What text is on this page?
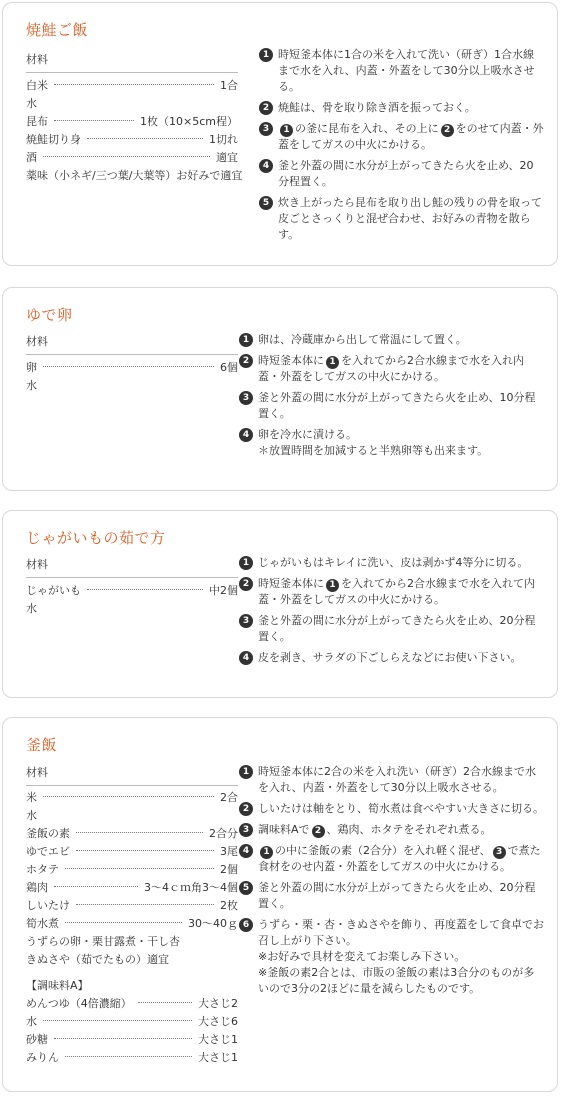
焼鮭ご飯
材料
白米	1合
水
昆布	1枚（10×5cm程）
焼鮭切り身	1切れ
酒	適宜
薬味（小ネギ/三つ葉/大葉等）お好みで適宜
1 時短釜本体に1合の米を入れて洗い（研ぎ）1合水線まで水を入れ、内蓋・外蓋をして30分以上吸水させる。
2 焼鮭は、骨を取り除き酒を振っておく。
3	1 の釜に昆布を入れ、その上に 2 をのせて内蓋・外蓋をしてガスの中火にかける。
4 釜と外蓋の間に水分が上がってきたら火を止め、20分程置く。
5 炊き上がったら昆布を取り出し鮭の残りの骨を取って皮ごとさっくりと混ぜ合わせ、お好みの青物を散らす。
ゆで卵
材料
卵	6個
水
1 卵は、冷蔵庫から出して常温にして置く。
2 時短釜本体に 1 を入れてから2合水線まで水を入れ内蓋・外蓋をしてガスの中火にかける。
3 釜と外蓋の間に水分が上がってきたら火を止め、10分程置く。
4 卵を冷水に漬ける。
＊放置時間を加減すると半熟卵等も出来ます。
じゃがいもの茹で方
材料
じゃがいも	中2個
水
1 じゃがいもはキレイに洗い、皮は剥かず4等分に切る。
2 時短釜本体に 1 を入れてから2合水線まで水を入れて内蓋・外蓋をしてガスの中火にかける。
3 釜と外蓋の間に水分が上がってきたら火を止め、20分程置く。
4 皮を剥き、サラダの下ごしらえなどにお使い下さい。
釜飯
材料
米	2合
水
釜飯の素	2合分
ゆでエビ	3尾
ホタテ	2個
鶏肉	3～4ｃｍ角3～4個
しいたけ	2枚
筍水煮	30～40ｇ
うずらの卵・栗甘露煮・干し杏
きぬさや（茹でたもの）適宜
【調味料A】
めんつゆ（4倍濃縮）	大さじ2
水	大さじ6
砂糖	大さじ1
みりん	大さじ1
1 時短釜本体に2合の米を入れ洗い（研ぎ）2合水線まで水を入れ、内蓋・外蓋をして30分以上吸水させる。
2 しいたけは軸をとり、筍水煮は食べやすい大きさに切る。
3 調味料Aで 2 、鶏肉、ホタテをそれぞれ煮る。
4	1 の中に釜飯の素（2合分）を入れ軽く混ぜ、 3 で煮た食材をのせ内蓋・外蓋をしてガスの中火にかける。
5 釜と外蓋の間に水分が上がってきたら火を止め、20分程置く。
6 うずら・栗・杏・きぬさやを飾り、再度蓋をして食卓でお召し上がり下さい。
※お好みで具材を変えてお楽しみ下さい。
※釜飯の素2合とは、市販の釜飯の素は3合分のものが多いので3分の2ほどに量を減らしたものです。
